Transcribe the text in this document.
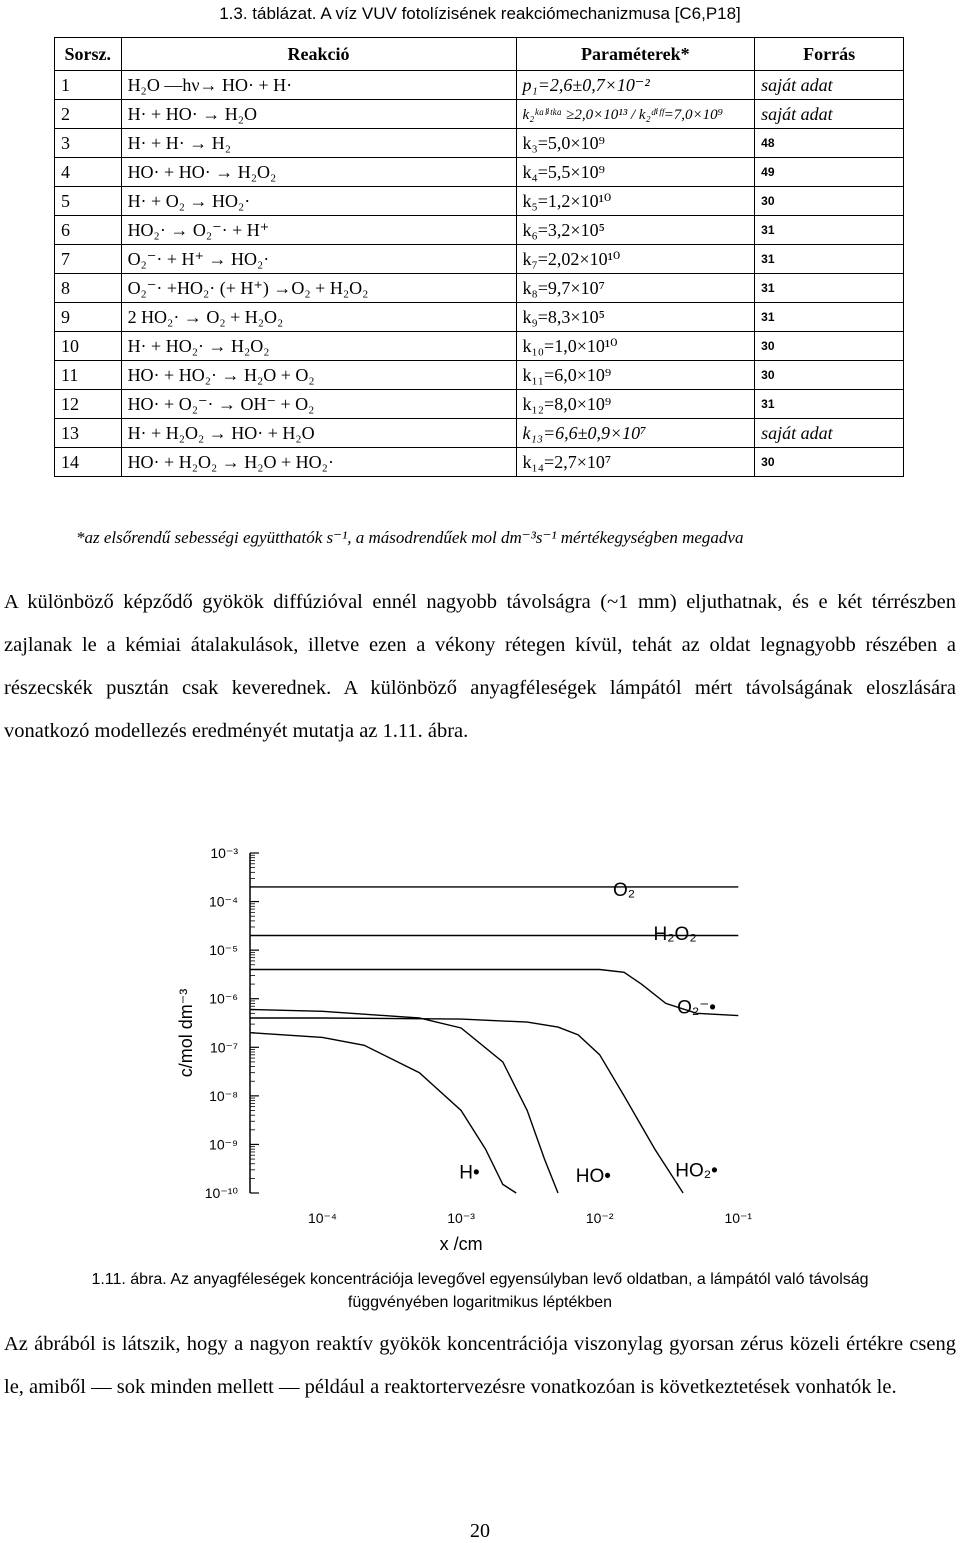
1.3. táblázat. A víz VUV fotolízisének reakciómechanizmusa [C6,P18]
Sorsz.	Reakció	Paraméterek*	Forrás
1	H₂O —hν→ HO· + H·	p₁=2,6±0,7×10⁻²	saját adat
2	H· + HO· → H₂O	k₂ᵏᵃˡⁱᵗᵏᵃ ≥2,0×10¹³ / k₂ᵈⁱᶠᶠ=7,0×10⁹	saját adat
3	H· + H· → H₂	k₃=5,0×10⁹	48
4	HO· + HO· → H₂O₂	k₄=5,5×10⁹	49
5	H· + O₂ → HO₂·	k₅=1,2×10¹⁰	30
6	HO₂· → O₂⁻· + H⁺	k₆=3,2×10⁵	31
7	O₂⁻· + H⁺ → HO₂·	k₇=2,02×10¹⁰	31
8	O₂⁻· +HO₂· (+ H⁺) →O₂ + H₂O₂	k₈=9,7×10⁷	31
9	2 HO₂· → O₂ + H₂O₂	k₉=8,3×10⁵	31
10	H· + HO₂· → H₂O₂	k₁₀=1,0×10¹⁰	30
11	HO· + HO₂· → H₂O + O₂	k₁₁=6,0×10⁹	30
12	HO· + O₂⁻· → OH⁻ + O₂	k₁₂=8,0×10⁹	31
13	H· + H₂O₂ → HO· + H₂O	k₁₃=6,6±0,9×10⁷	saját adat
14	HO· + H₂O₂ → H₂O + HO₂·	k₁₄=2,7×10⁷	30
*az elsőrendű sebességi együtthatók s⁻¹, a másodrendűek mol dm⁻³s⁻¹ mértékegységben megadva
A különböző képződő gyökök diffúzióval ennél nagyobb távolságra (~1 mm) eljuthatnak, és e két térrészben zajlanak le a kémiai átalakulások, illetve ezen a vékony rétegen kívül, tehát az oldat legnagyobb részében a részecskék pusztán csak keverednek. A különböző anyagféleségek lámpától mért távolságának eloszlására vonatkozó modellezés eredményét mutatja az 1.11. ábra.
10⁻³
10⁻⁴
10⁻⁵
10⁻⁶
10⁻⁷
10⁻⁸
10⁻⁹
10⁻¹⁰
10⁻⁴	10⁻³	10⁻²	10⁻¹
x /cm
c/mol dm⁻³
O₂
H₂O₂
O₂⁻•
H•	HO•	HO₂•
1.11. ábra. Az anyagféleségek koncentrációja levegővel egyensúlyban levő oldatban, a lámpától való távolság
függvényében logaritmikus léptékben
Az ábrából is látszik, hogy a nagyon reaktív gyökök koncentrációja viszonylag gyorsan zérus közeli értékre cseng le, amiből — sok minden mellett — például a reaktortervezésre vonatkozóan is következtetések vonhatók le.
20
